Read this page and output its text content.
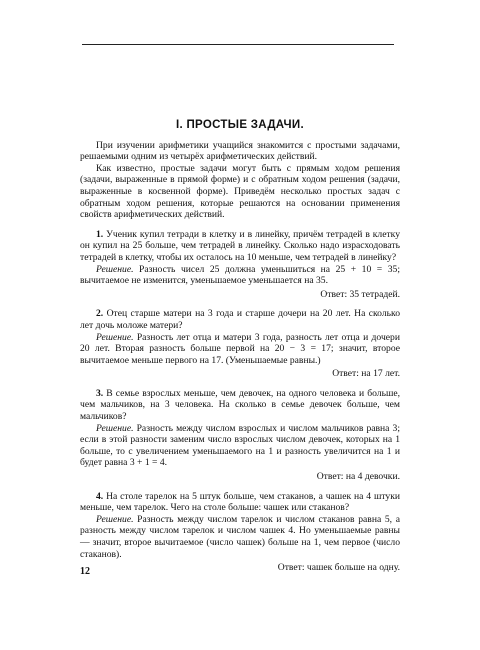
I. ПРОСТЫЕ ЗАДАЧИ.

При изучении арифметики учащийся знакомится с простыми задачами, решаемыми одним из четырёх арифметических действий.

Как известно, простые задачи могут быть с прямым ходом решения (задачи, выраженные в прямой форме) и с обратным ходом решения (задачи, выраженные в косвенной форме). Приведём несколько простых задач с обратным ходом решения, которые решаются на основании применения свойств арифметических действий.

1. Ученик купил тетради в клетку и в линейку, причём тетрадей в клетку он купил на 25 больше, чем тетрадей в линейку. Сколько надо израсходовать тетрадей в клетку, чтобы их осталось на 10 меньше, чем тетрадей в линейку?

Решение. Разность чисел 25 должна уменьшиться на 25 + 10 = 35; вычитаемое не изменится, уменьшаемое уменьшается на 35.

Ответ: 35 тетрадей.

2. Отец старше матери на 3 года и старше дочери на 20 лет. На сколько лет дочь моложе матери?

Решение. Разность лет отца и матери 3 года, разность лет отца и дочери 20 лет. Вторая разность больше первой на 20 − 3 = 17; значит, второе вычитаемое меньше первого на 17. (Уменьшаемые равны.)

Ответ: на 17 лет.

3. В семье взрослых меньше, чем девочек, на одного человека и больше, чем мальчиков, на 3 человека. На сколько в семье девочек больше, чем мальчиков?

Решение. Разность между числом взрослых и числом мальчиков равна 3; если в этой разности заменим число взрослых числом девочек, которых на 1 больше, то с увеличением уменьшаемого на 1 и разность увеличится на 1 и будет равна 3 + 1 = 4.

Ответ: на 4 девочки.

4. На столе тарелок на 5 штук больше, чем стаканов, а чашек на 4 штуки меньше, чем тарелок. Чего на столе больше: чашек или стаканов?

Решение. Разность между числом тарелок и числом стаканов равна 5, а разность между числом тарелок и числом чашек 4. Но уменьшаемые равны — значит, второе вычитаемое (число чашек) больше на 1, чем первое (число стаканов).

Ответ: чашек больше на одну.

12
